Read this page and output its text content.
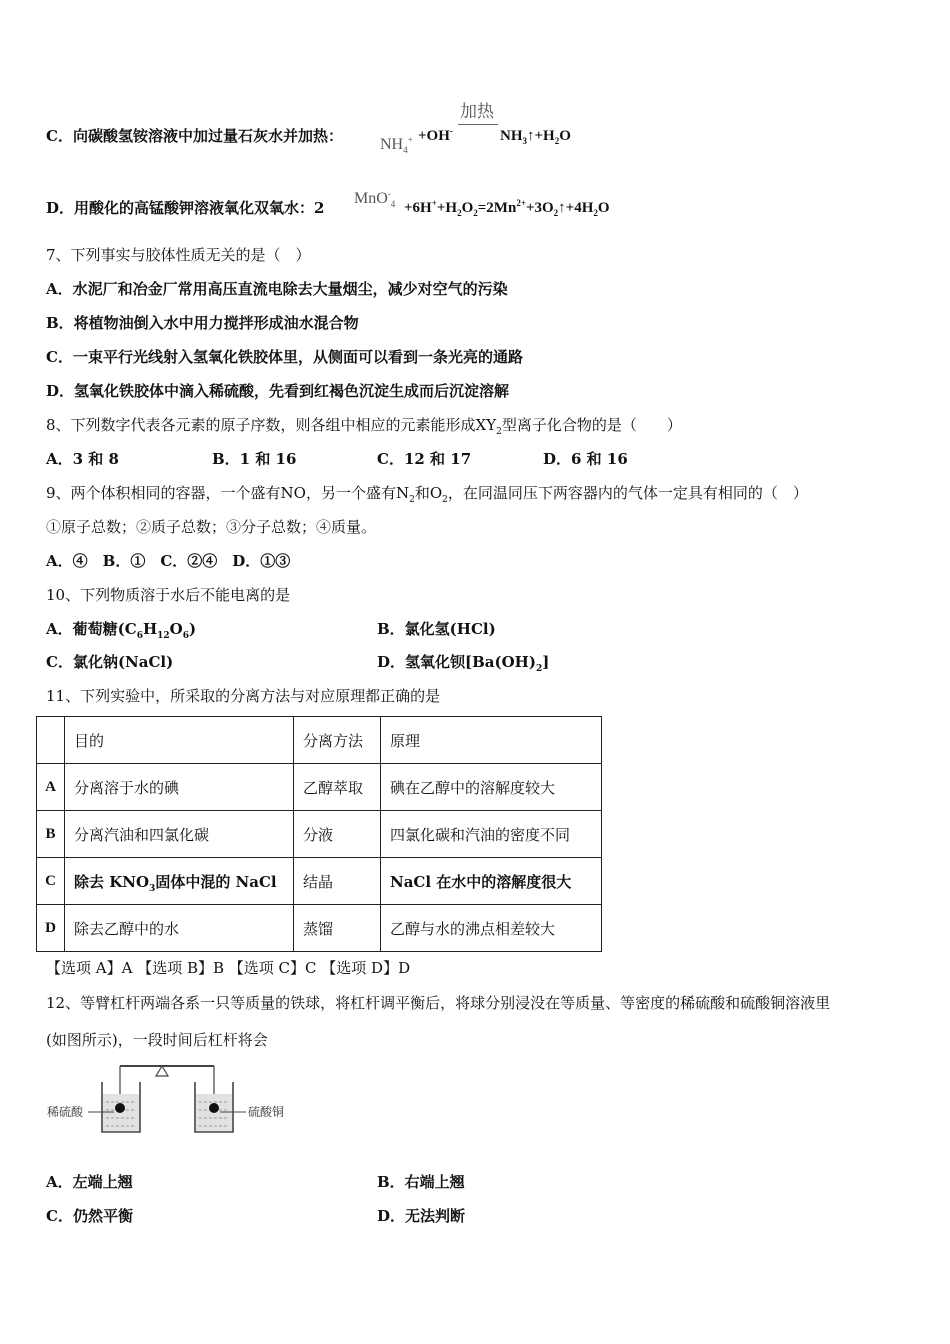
C．向碳酸氢铵溶液中加过量石灰水并加热：
加热
$NH_4^+ +OH^-$	$NH_3↑+H_2O$
D．用酸化的高锰酸钾溶液氧化双氧水：2
$MnO^-_4 +6H^++H_2O_2=2Mn^{2+}+3O_2↑+4H_2O$
7、下列事实与胶体性质无关的是（　）
A．水泥厂和冶金厂常用高压直流电除去大量烟尘，减少对空气的污染
B．将植物油倒入水中用力搅拌形成油水混合物
C．一束平行光线射入氢氧化铁胶体里，从侧面可以看到一条光亮的通路
D．氢氧化铁胶体中滴入稀硫酸，先看到红褐色沉淀生成而后沉淀溶解
8、下列数字代表各元素的原子序数，则各组中相应的元素能形成$XY_2$型离子化合物的是（　　）
A．3 和 8	B．1 和 16	C．12 和 17	D．6 和 16
9、两个体积相同的容器，一个盛有NO，另一个盛有$N_2$和$O_2$，在同温同压下两容器内的气体一定具有相同的（　）
①原子总数；②质子总数；③分子总数；④质量。
A．④　B．①　C．②④　D．①③
10、下列物质溶于水后不能电离的是
A．葡萄糖$(C_6H_{12}O_6)$	B．氯化氢(HCl)
C．氯化钠(NaCl)	D．氢氧化钡$[Ba(OH)_2]$
11、下列实验中，所采取的分离方法与对应原理都正确的是
	目的	分离方法	原理
A	分离溶于水的碘	乙醇萃取	碘在乙醇中的溶解度较大
B	分离汽油和四氯化碳	分液	四氯化碳和汽油的密度不同
C	除去 $KNO_3$固体中混的 NaCl	结晶	NaCl 在水中的溶解度很大
D	除去乙醇中的水	蒸馏	乙醇与水的沸点相差较大
【选项 A】A 【选项 B】B 【选项 C】C 【选项 D】D
12、等臂杠杆两端各系一只等质量的铁球，将杠杆调平衡后，将球分别浸没在等质量、等密度的稀硫酸和硫酸铜溶液里
(如图所示)，一段时间后杠杆将会
稀硫酸	硫酸铜
A．左端上翘	B．右端上翘
C．仍然平衡	D．无法判断
